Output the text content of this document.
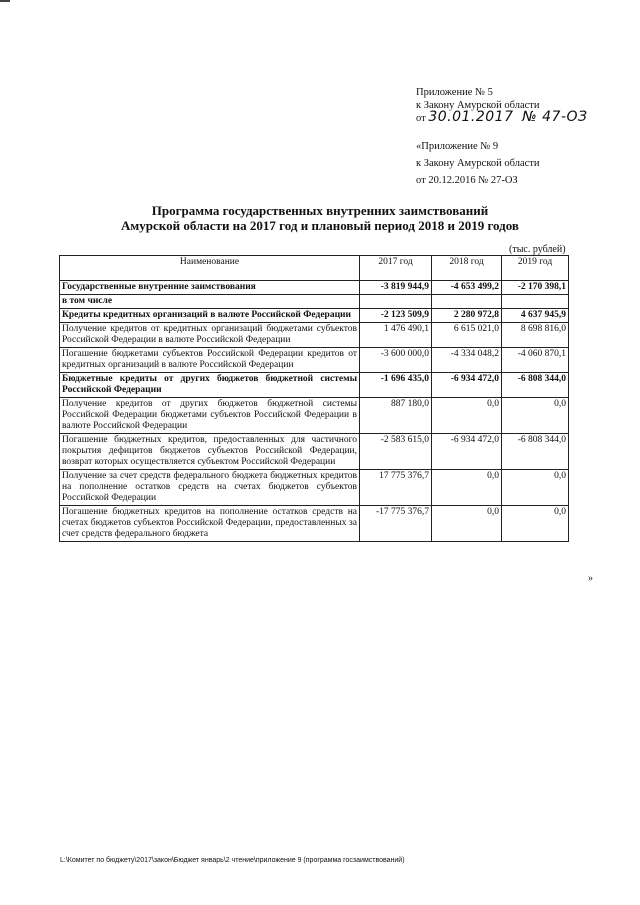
Приложение № 5
к Закону Амурской области
от 30.01.2017 № 47-ОЗ
«Приложение № 9
к Закону Амурской области
от 20.12.2016 № 27-ОЗ
Программа государственных внутренних заимствований
Амурской области на 2017 год и плановый период 2018 и 2019 годов
(тыс. рублей)
Наименование	2017 год	2018 год	2019 год
Государственные внутренние заимствования	-3 819 944,9	-4 653 499,2	-2 170 398,1
в том числе			
Кредиты кредитных организаций в валюте Российской Федерации	-2 123 509,9	2 280 972,8	4 637 945,9
Получение кредитов от кредитных организаций бюджетами субъектов Российской Федерации в валюте Российской Федерации	1 476 490,1	6 615 021,0	8 698 816,0
Погашение бюджетами субъектов Российской Федерации кредитов от кредитных организаций в валюте Российской Федерации	-3 600 000,0	-4 334 048,2	-4 060 870,1
Бюджетные кредиты от других бюджетов бюджетной системы Российской Федерации	-1 696 435,0	-6 934 472,0	-6 808 344,0
Получение кредитов от других бюджетов бюджетной системы Российской Федерации бюджетами субъектов Российской Федерации в валюте Российской Федерации	887 180,0	0,0	0,0
Погашение бюджетных кредитов, предоставленных для частичного покрытия дефицитов бюджетов субъектов Российской Федерации, возврат которых осуществляется субъектом Российской Федерации	-2 583 615,0	-6 934 472,0	-6 808 344,0
Получение за счет средств федерального бюджета бюджетных кредитов на пополнение остатков средств на счетах бюджетов субъектов Российской Федерации	17 775 376,7	0,0	0,0
Погашение бюджетных кредитов на пополнение остатков средств на счетах бюджетов субъектов Российской Федерации, предоставленных за счет средств федерального бюджета	-17 775 376,7	0,0	0,0
»
L:\Комитет по бюджету\2017\закон\Бюджет январь\2 чтение\приложение 9 (программа госзаимствований)
